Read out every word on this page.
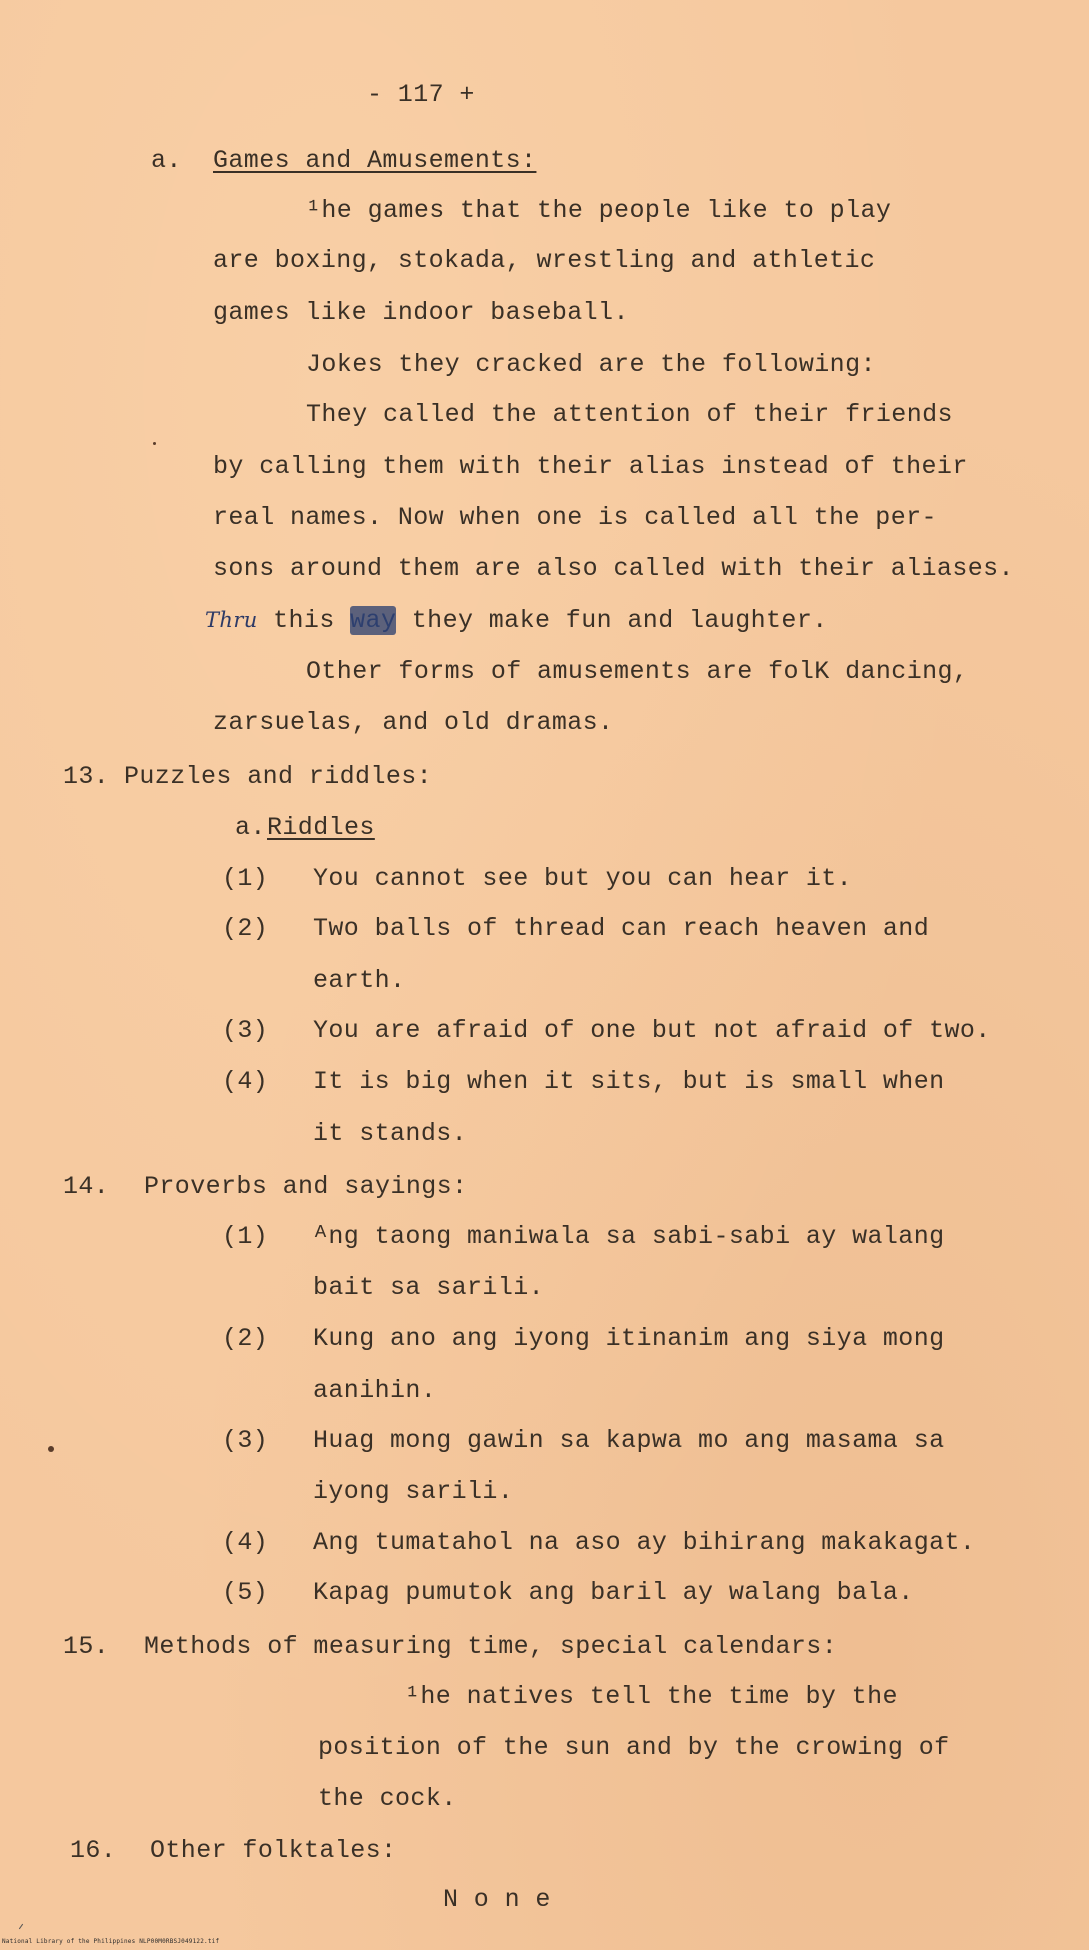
- 117 +
a. Games and Amusements:
¹he games that the people like to play
are boxing, stokada, wrestling and athletic
games like indoor baseball.
Jokes they cracked are the following:
They called the attention of their friends
by calling them with their alias instead of their
real names. Now when one is called all the per-
sons around them are also called with their aliases.
Thru this way they make fun and laughter.
Other forms of amusements are folK dancing,
zarsuelas, and old dramas.
13. Puzzles and riddles:
a. Riddles
(1) You cannot see but you can hear it.
(2) Two balls of thread can reach heaven and
earth.
(3) You are afraid of one but not afraid of two.
(4) It is big when it sits, but is small when
it stands.
14. Proverbs and sayings:
(1) ᴬng taong maniwala sa sabi-sabi ay walang
bait sa sarili.
(2) Kung ano ang iyong itinanim ang siya mong
aanihin.
(3) Huag mong gawin sa kapwa mo ang masama sa
iyong sarili.
(4) Ang tumatahol na aso ay bihirang makakagat.
(5) Kapag pumutok ang baril ay walang bala.
15. Methods of measuring time, special calendars:
¹he natives tell the time by the
position of the sun and by the crowing of
the cock.
16. Other folktales:
N o n e
National Library of the Philippines NLP00M0RBSJ049122.tif
